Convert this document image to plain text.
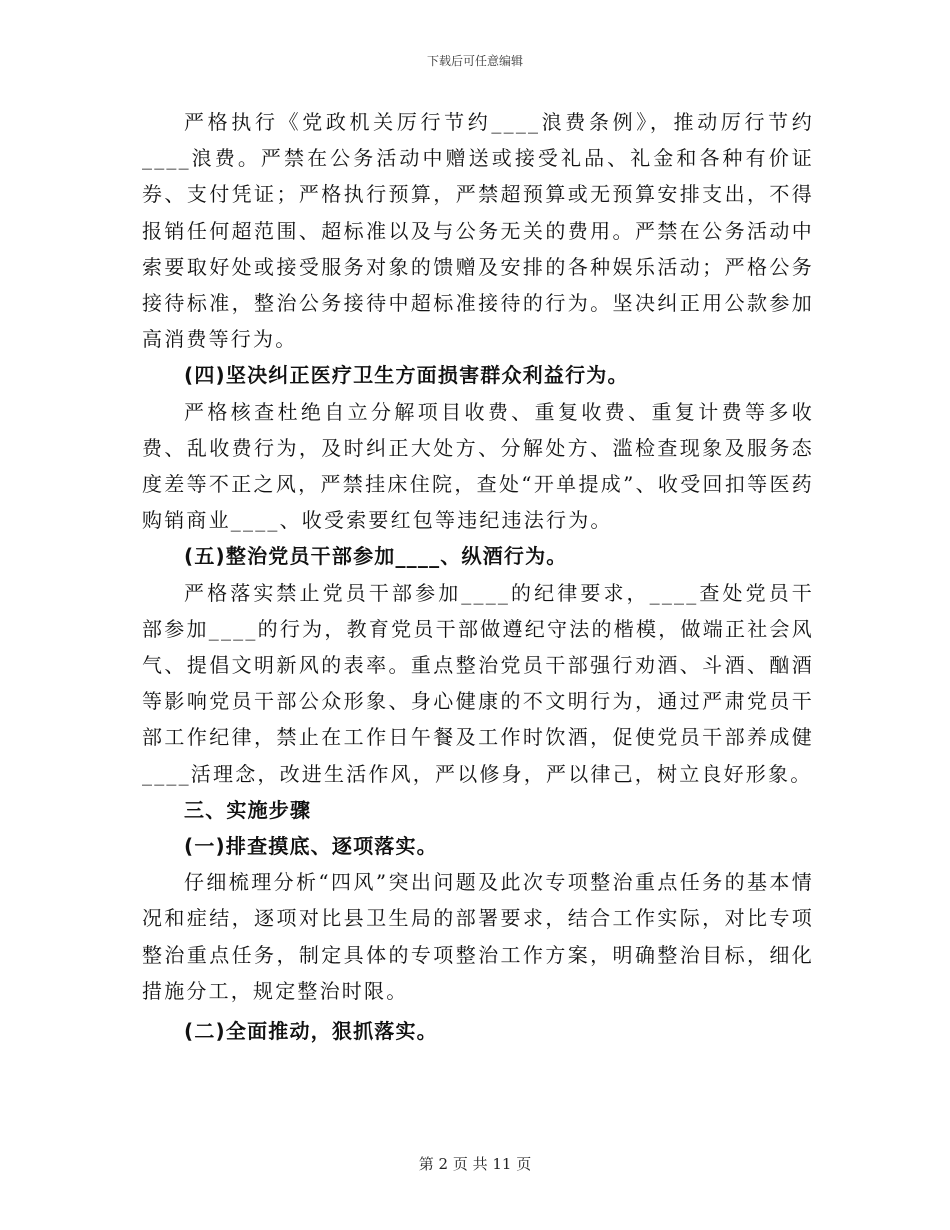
下载后可任意编辑

严格执行《党政机关厉行节约____浪费条例》，推动厉行节约____浪费。严禁在公务活动中赠送或接受礼品、礼金和各种有价证券、支付凭证；严格执行预算，严禁超预算或无预算安排支出，不得报销任何超范围、超标准以及与公务无关的费用。严禁在公务活动中索要取好处或接受服务对象的馈赠及安排的各种娱乐活动；严格公务接待标准，整治公务接待中超标准接待的行为。坚决纠正用公款参加高消费等行为。

(四)坚决纠正医疗卫生方面损害群众利益行为。

严格核查杜绝自立分解项目收费、重复收费、重复计费等多收费、乱收费行为，及时纠正大处方、分解处方、滥检查现象及服务态度差等不正之风，严禁挂床住院，查处“开单提成”、收受回扣等医药购销商业____、收受索要红包等违纪违法行为。

(五)整治党员干部参加____、纵酒行为。

严格落实禁止党员干部参加____的纪律要求，____查处党员干部参加____的行为，教育党员干部做遵纪守法的楷模，做端正社会风气、提倡文明新风的表率。重点整治党员干部强行劝酒、斗酒、酗酒等影响党员干部公众形象、身心健康的不文明行为，通过严肃党员干部工作纪律，禁止在工作日午餐及工作时饮酒，促使党员干部养成健____活理念，改进生活作风，严以修身，严以律己，树立良好形象。

三、实施步骤

(一)排查摸底、逐项落实。

仔细梳理分析“四风”突出问题及此次专项整治重点任务的基本情况和症结，逐项对比县卫生局的部署要求，结合工作实际，对比专项整治重点任务，制定具体的专项整治工作方案，明确整治目标，细化措施分工，规定整治时限。

(二)全面推动，狠抓落实。

第 2 页 共 11 页
